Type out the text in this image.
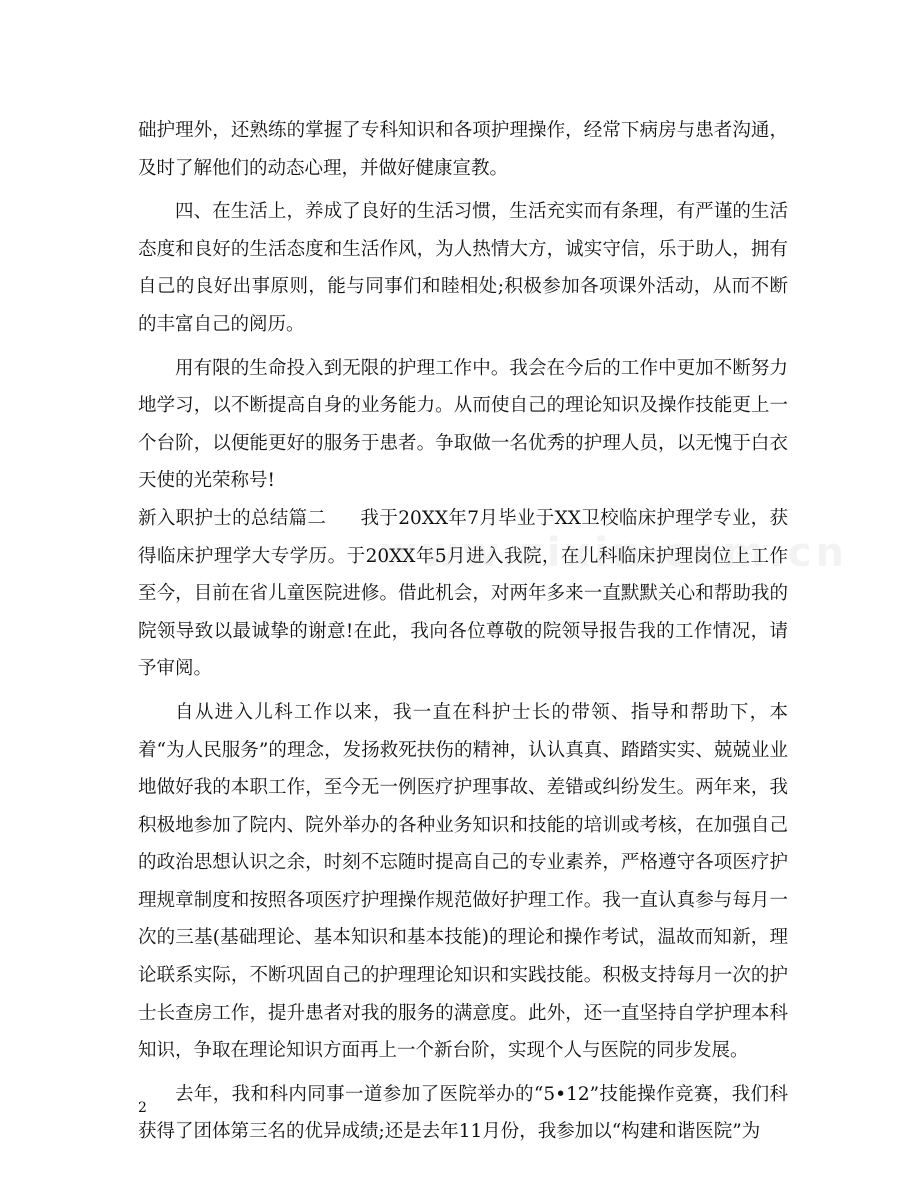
础护理外，还熟练的掌握了专科知识和各项护理操作，经常下病房与患者沟通，及时了解他们的动态心理，并做好健康宣教。

四、在生活上，养成了良好的生活习惯，生活充实而有条理，有严谨的生活态度和良好的生活态度和生活作风，为人热情大方，诚实守信，乐于助人，拥有自己的良好出事原则，能与同事们和睦相处;积极参加各项课外活动，从而不断的丰富自己的阅历。

用有限的生命投入到无限的护理工作中。我会在今后的工作中更加不断努力地学习，以不断提高自身的业务能力。从而使自己的理论知识及操作技能更上一个台阶，以便能更好的服务于患者。争取做一名优秀的护理人员，以无愧于白衣天使的光荣称号!

新入职护士的总结篇二 我于20XX年7月毕业于XX卫校临床护理学专业，获得临床护理学大专学历。于20XX年5月进入我院，在儿科临床护理岗位上工作至今，目前在省儿童医院进修。借此机会，对两年多来一直默默关心和帮助我的院领导致以最诚挚的谢意!在此，我向各位尊敬的院领导报告我的工作情况，请予审阅。

自从进入儿科工作以来，我一直在科护士长的带领、指导和帮助下，本着“为人民服务”的理念，发扬救死扶伤的精神，认认真真、踏踏实实、兢兢业业地做好我的本职工作，至今无一例医疗护理事故、差错或纠纷发生。两年来，我积极地参加了院内、院外举办的各种业务知识和技能的培训或考核，在加强自己的政治思想认识之余，时刻不忘随时提高自己的专业素养，严格遵守各项医疗护理规章制度和按照各项医疗护理操作规范做好护理工作。我一直认真参与每月一次的三基(基础理论、基本知识和基本技能)的理论和操作考试，温故而知新，理论联系实际，不断巩固自己的护理理论知识和实践技能。积极支持每月一次的护士长查房工作，提升患者对我的服务的满意度。此外，还一直坚持自学护理本科知识，争取在理论知识方面再上一个新台阶，实现个人与医院的同步发展。

去年，我和科内同事一道参加了医院举办的“5•12”技能操作竞赛，我们科获得了团体第三名的优异成绩;还是去年11月份，我参加以“构建和谐医院”为

2
